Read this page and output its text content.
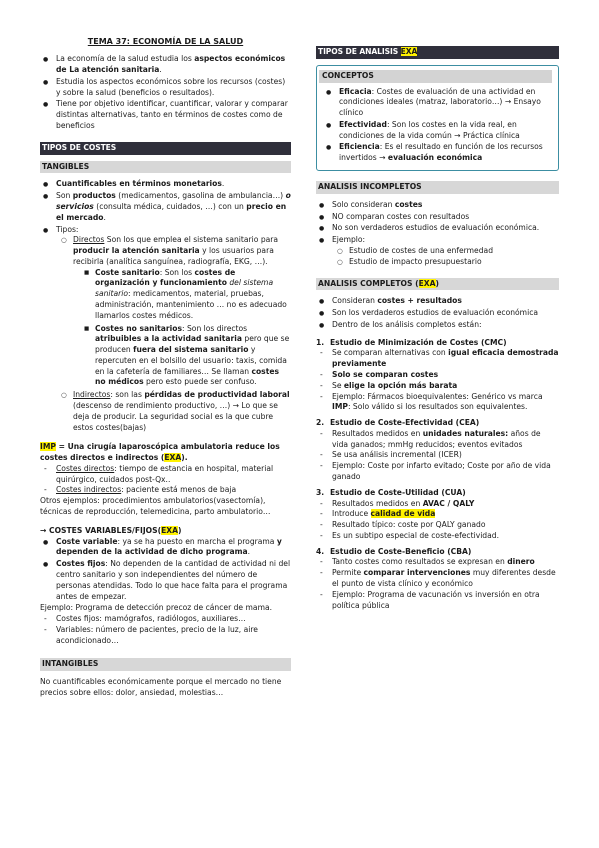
TEMA 37: ECONOMÍA DE LA SALUD
● La economía de la salud estudia los aspectos económicos de La atención sanitaria.
● Estudia los aspectos económicos sobre los recursos (costes) y sobre la salud (beneficios o resultados).
● Tiene por objetivo identificar, cuantificar, valorar y comparar distintas alternativas, tanto en términos de costes como de beneficios
TIPOS DE COSTES
TANGIBLES
● Cuantificables en términos monetarios.
● Son productos (medicamentos, gasolina de ambulancia…) o servicios (consulta médica, cuidados, …) con un precio en el mercado.
● Tipos:
○ Directos Son los que emplea el sistema sanitario para producir la atención sanitaria y los usuarios para recibirla (analítica sanguínea, radiografía, EKG, …).
■ Coste sanitario: Son los costes de organización y funcionamiento del sistema sanitario: medicamentos, material, pruebas, administración, mantenimiento … no es adecuado llamarlos costes médicos.
■ Costes no sanitarios: Son los directos atribuibles a la actividad sanitaria pero que se producen fuera del sistema sanitario y repercuten en el bolsillo del usuario: taxis, comida en la cafetería de familiares… Se llaman costes no médicos pero esto puede ser confuso.
○ Indirectos: son las pérdidas de productividad laboral (descenso de rendimiento productivo, …) → Lo que se deja de producir. La seguridad social es la que cubre estos costes(bajas)

IMP = Una cirugía laparoscópica ambulatoria reduce los costes directos e indirectos (EXA).

- Costes directos: tiempo de estancia en hospital, material quirúrgico, cuidados post-Qx..
- Costes indirectos: paciente está menos de baja

Otros ejemplos: procedimientos ambulatorios(vasectomía), técnicas de reproducción, telemedicina, parto ambulatorio…

→ COSTES VARIABLES/FIJOS(EXA)

● Coste variable: ya se ha puesto en marcha el programa y dependen de la actividad de dicho programa.
● Costes fijos: No dependen de la cantidad de actividad ni del centro sanitario y son independientes del número de personas atendidas. Todo lo que hace falta para el programa antes de empezar.

Ejemplo: Programa de detección precoz de cáncer de mama.

- Costes fijos: mamógrafos, radiólogos, auxiliares…
- Variables: número de pacientes, precio de la luz, aire acondicionado…
INTANGIBLES

No cuantificables económicamente porque el mercado no tiene precios sobre ellos: dolor, ansiedad, molestias…

TIPOS DE ANALISIS EXA
CONCEPTOS
● Eficacia: Costes de evaluación de una actividad en condiciones ideales (matraz, laboratorio…) → Ensayo clínico
● Efectividad: Son los costes en la vida real, en condiciones de la vida común → Práctica clínica
● Eficiencia: Es el resultado en función de los recursos invertidos → evaluación económica
ANALISIS INCOMPLETOS
● Solo consideran costes
● NO comparan costes con resultados
● No son verdaderos estudios de evaluación económica.
● Ejemplo:
○ Estudio de costes de una enfermedad
○ Estudio de impacto presupuestario
ANALISIS COMPLETOS (EXA)
● Consideran costes + resultados
● Son los verdaderos estudios de evaluación económica
● Dentro de los análisis completos están:
1. Estudio de Minimización de Costes (CMC)
- Se comparan alternativas con igual eficacia demostrada previamente
- Solo se comparan costes
- Se elige la opción más barata
- Ejemplo: Fármacos bioequivalentes: Genérico vs marca
IMP: Solo válido si los resultados son equivalentes.
2. Estudio de Coste-Efectividad (CEA)
- Resultados medidos en unidades naturales: años de vida ganados; mmHg reducidos; eventos evitados
- Se usa análisis incremental (ICER)
- Ejemplo: Coste por infarto evitado; Coste por año de vida ganado
3. Estudio de Coste-Utilidad (CUA)
- Resultados medidos en AVAC / QALY
- Introduce calidad de vida
- Resultado típico: coste por QALY ganado
- Es un subtipo especial de coste-efectividad.
4. Estudio de Coste-Beneficio (CBA)
- Tanto costes como resultados se expresan en dinero
- Permite comparar intervenciones muy diferentes desde el punto de vista clínico y económico
- Ejemplo: Programa de vacunación vs inversión en otra política pública
